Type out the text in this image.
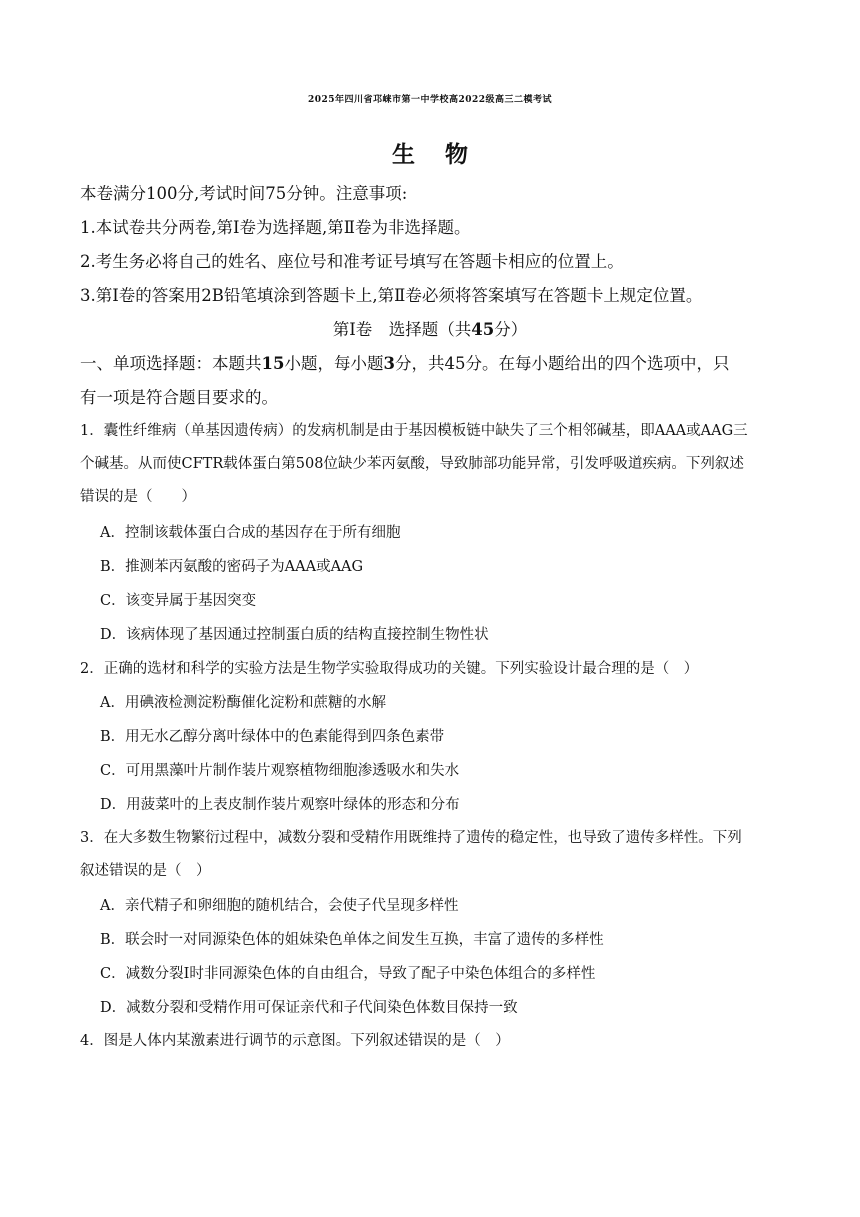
2025年四川省邛崃市第一中学校高2022级高三二模考试
生物
本卷满分100分,考试时间75分钟。注意事项:
1.本试卷共分两卷,第Ⅰ卷为选择题,第Ⅱ卷为非选择题。
2.考生务必将自己的姓名、座位号和准考证号填写在答题卡相应的位置上。
3.第Ⅰ卷的答案用2B铅笔填涂到答题卡上,第Ⅱ卷必须将答案填写在答题卡上规定位置。
第Ⅰ卷　选择题（共45分）
一、单项选择题：本题共15小题，每小题3分，共45分。在每小题给出的四个选项中，只
有一项是符合题目要求的。
1．囊性纤维病（单基因遗传病）的发病机制是由于基因模板链中缺失了三个相邻碱基，即AAA或AAG三
个碱基。从而使CFTR载体蛋白第508位缺少苯丙氨酸，导致肺部功能异常，引发呼吸道疾病。下列叙述
错误的是（　　）
A．控制该载体蛋白合成的基因存在于所有细胞
B．推测苯丙氨酸的密码子为AAA或AAG
C．该变异属于基因突变
D．该病体现了基因通过控制蛋白质的结构直接控制生物性状
2．正确的选材和科学的实验方法是生物学实验取得成功的关键。下列实验设计最合理的是（　）
A．用碘液检测淀粉酶催化淀粉和蔗糖的水解
B．用无水乙醇分离叶绿体中的色素能得到四条色素带
C．可用黑藻叶片制作装片观察植物细胞渗透吸水和失水
D．用菠菜叶的上表皮制作装片观察叶绿体的形态和分布
3．在大多数生物繁衍过程中，减数分裂和受精作用既维持了遗传的稳定性，也导致了遗传多样性。下列
叙述错误的是（　）
A．亲代精子和卵细胞的随机结合，会使子代呈现多样性
B．联会时一对同源染色体的姐妹染色单体之间发生互换，丰富了遗传的多样性
C．减数分裂Ⅰ时非同源染色体的自由组合，导致了配子中染色体组合的多样性
D．减数分裂和受精作用可保证亲代和子代间染色体数目保持一致
4．图是人体内某激素进行调节的示意图。下列叙述错误的是（　）
